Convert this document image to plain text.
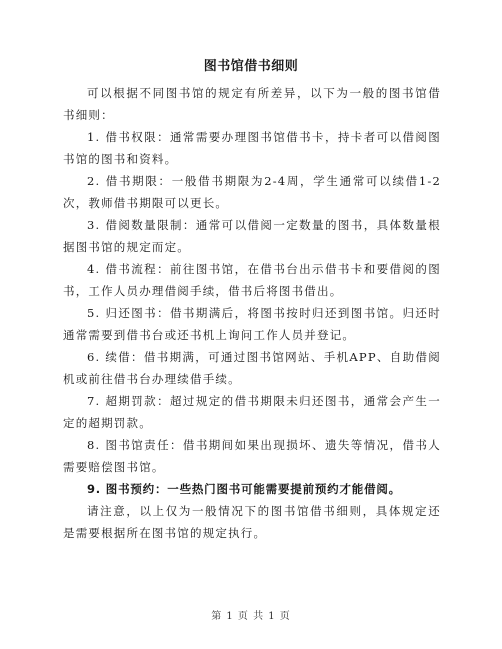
图书馆借书细则

可以根据不同图书馆的规定有所差异，以下为一般的图书馆借书细则：

1. 借书权限：通常需要办理图书馆借书卡，持卡者可以借阅图书馆的图书和资料。

2. 借书期限：一般借书期限为2-4周，学生通常可以续借1-2次，教师借书期限可以更长。

3. 借阅数量限制：通常可以借阅一定数量的图书，具体数量根据图书馆的规定而定。

4. 借书流程：前往图书馆，在借书台出示借书卡和要借阅的图书，工作人员办理借阅手续，借书后将图书借出。

5. 归还图书：借书期满后，将图书按时归还到图书馆。归还时通常需要到借书台或还书机上询问工作人员并登记。

6. 续借：借书期满，可通过图书馆网站、手机APP、自助借阅机或前往借书台办理续借手续。

7. 超期罚款：超过规定的借书期限未归还图书，通常会产生一定的超期罚款。

8. 图书馆责任：借书期间如果出现损坏、遗失等情况，借书人需要赔偿图书馆。

9. 图书预约：一些热门图书可能需要提前预约才能借阅。

请注意，以上仅为一般情况下的图书馆借书细则，具体规定还是需要根据所在图书馆的规定执行。

第 1 页 共 1 页
